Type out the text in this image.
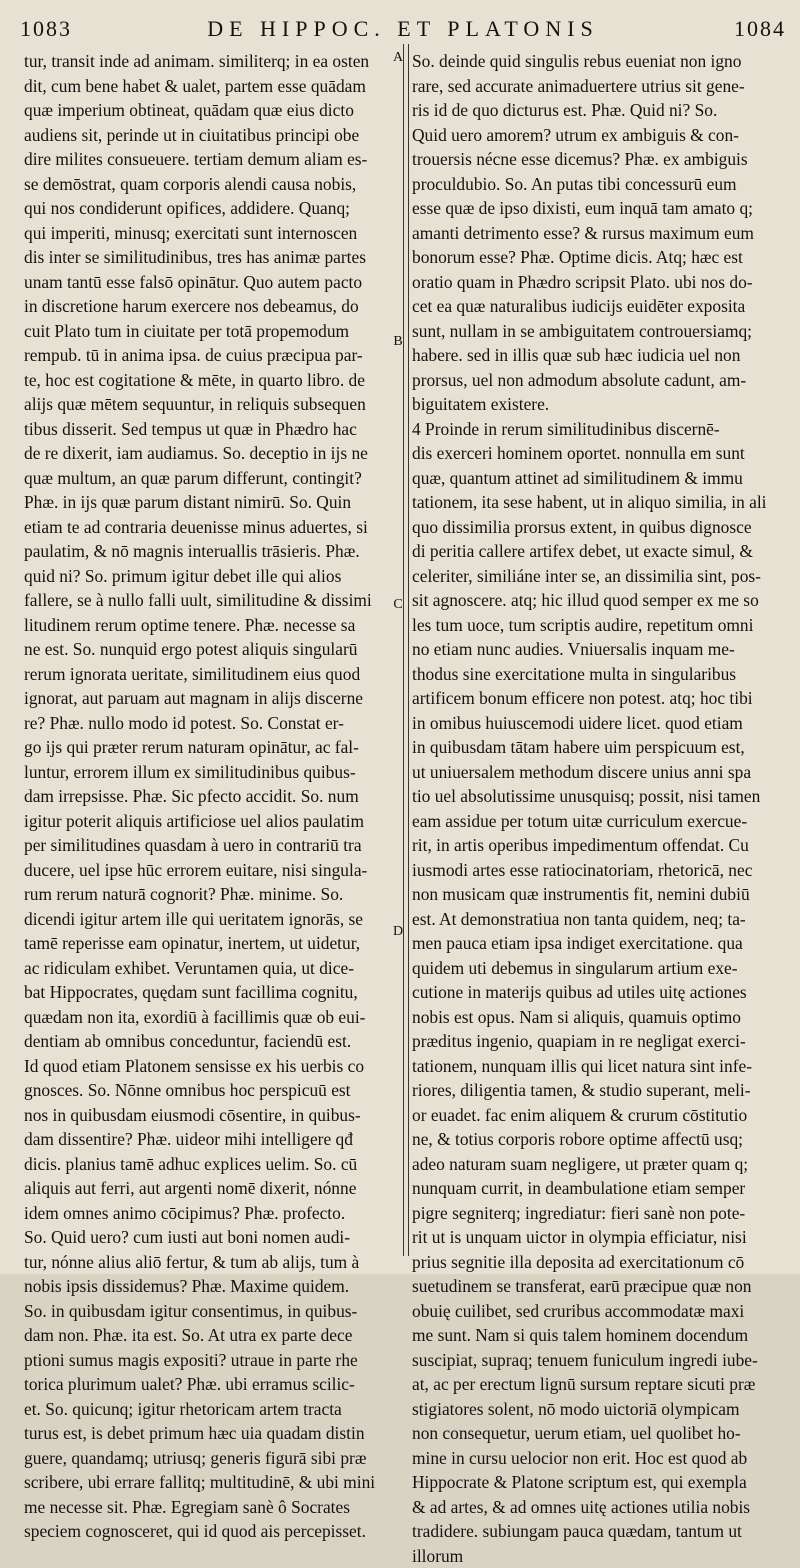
1083	DE HIPPOC. ET PLATONIS	1084
A
B
C
D
tur, transit inde ad animam. similiterq; in ea osten
dit, cum bene habet & ualet, partem esse quādam
quæ imperium obtineat, quādam quæ eius dicto
audiens sit, perinde ut in ciuitatibus principi obe
dire milites consueuere. tertiam demum aliam es-
se demōstrat, quam corporis alendi causa nobis,
qui nos condiderunt opifices, addidere. Quanq;
qui imperiti, minusq; exercitati sunt internoscen
dis inter se similitudinibus, tres has animæ partes
unam tantū esse falsō opinātur. Quo autem pacto
in discretione harum exercere nos debeamus, do
cuit Plato tum in ciuitate per totā propemodum
rempub. tū in anima ipsa. de cuius præcipua par-
te, hoc est cogitatione & mēte, in quarto libro. de
alijs quæ mētem sequuntur, in reliquis subsequen
tibus disserit. Sed tempus ut quæ in Phædro hac
de re dixerit, iam audiamus. So. deceptio in ijs ne
quæ multum, an quæ parum differunt, contingit?
Phæ. in ijs quæ parum distant nimirū. So. Quin
etiam te ad contraria deuenisse minus aduertes, si
paulatim, & nō magnis interuallis trāsieris. Phæ.
quid ni? So. primum igitur debet ille qui alios
fallere, se à nullo falli uult, similitudine & dissimi
litudinem rerum optime tenere. Phæ. necesse sa
ne est. So. nunquid ergo potest aliquis singularū
rerum ignorata ueritate, similitudinem eius quod
ignorat, aut paruam aut magnam in alijs discerne
re? Phæ. nullo modo id potest. So. Constat er-
go ijs qui præter rerum naturam opinātur, ac fal-
luntur, errorem illum ex similitudinibus quibus-
dam irrepsisse. Phæ. Sic pfecto accidit. So. num
igitur poterit aliquis artificiose uel alios paulatim
per similitudines quasdam à uero in contrariū tra
ducere, uel ipse hūc errorem euitare, nisi singula-
rum rerum naturā cognorit? Phæ. minime. So.
dicendi igitur artem ille qui ueritatem ignorās, se
tamē reperisse eam opinatur, inertem, ut uidetur,
ac ridiculam exhibet. Veruntamen quia, ut dice-
bat Hippocrates, quędam sunt facillima cognitu,
quædam non ita, exordiū à facillimis quæ ob eui-
dentiam ab omnibus conceduntur, faciendū est.
Id quod etiam Platonem sensisse ex his uerbis co
gnosces. So. Nōnne omnibus hoc perspicuū est
nos in quibusdam eiusmodi cōsentire, in quibus-
dam dissentire? Phæ. uideor mihi intelligere qđ
dicis. planius tamē adhuc explices uelim. So. cū
aliquis aut ferri, aut argenti nomē dixerit, nónne
idem omnes animo cōcipimus? Phæ. profecto.
So. Quid uero? cum iusti aut boni nomen audi-
tur, nónne alius aliō fertur, & tum ab alijs, tum à
nobis ipsis dissidemus? Phæ. Maxime quidem.
So. in quibusdam igitur consentimus, in quibus-
dam non. Phæ. ita est. So. At utra ex parte dece
ptioni sumus magis expositi? utraue in parte rhe
torica plurimum ualet? Phæ. ubi erramus scilic-
et. So. quicunq; igitur rhetoricam artem tracta
turus est, is debet primum hæc uia quadam distin
guere, quandamq; utriusq; generis figurā sibi præ
scribere, ubi errare fallitq; multitudinē, & ubi mini
me necesse sit. Phæ. Egregiam sanè ô Socrates
speciem cognosceret, qui id quod ais percepisset.
So. deinde quid singulis rebus eueniat non igno
rare, sed accurate animaduertere utrius sit gene-
ris id de quo dicturus est. Phæ. Quid ni? So.
Quid uero amorem? utrum ex ambiguis & con-
trouersis nécne esse dicemus? Phæ. ex ambiguis
proculdubio. So. An putas tibi concessurū eum
esse quæ de ipso dixisti, eum inquā tam amato q;
amanti detrimento esse? & rursus maximum eum
bonorum esse? Phæ. Optime dicis. Atq; hæc est
oratio quam in Phædro scripsit Plato. ubi nos do-
cet ea quæ naturalibus iudicijs euidēter exposita
sunt, nullam in se ambiguitatem controuersiamq;
habere. sed in illis quæ sub hæc iudicia uel non
prorsus, uel non admodum absolute cadunt, am-
biguitatem existere.
4 Proinde in rerum similitudinibus discernē-
dis exerceri hominem oportet. nonnulla em sunt
quæ, quantum attinet ad similitudinem & immu
tationem, ita sese habent, ut in aliquo similia, in ali
quo dissimilia prorsus extent, in quibus dignosce
di peritia callere artifex debet, ut exacte simul, &
celeriter, similiáne inter se, an dissimilia sint, pos-
sit agnoscere. atq; hic illud quod semper ex me so
les tum uoce, tum scriptis audire, repetitum omni
no etiam nunc audies. Vniuersalis inquam me-
thodus sine exercitatione multa in singularibus
artificem bonum efficere non potest. atq; hoc tibi
in omibus huiuscemodi uidere licet. quod etiam
in quibusdam tātam habere uim perspicuum est,
ut uniuersalem methodum discere unius anni spa
tio uel absolutissime unusquisq; possit, nisi tamen
eam assidue per totum uitæ curriculum exercue-
rit, in artis operibus impedimentum offendat. Cu
iusmodi artes esse ratiocinatoriam, rhetoricā, nec
non musicam quæ instrumentis fit, nemini dubiū
est. At demonstratiua non tanta quidem, neq; ta-
men pauca etiam ipsa indiget exercitatione. qua
quidem uti debemus in singularum artium exe-
cutione in materijs quibus ad utiles uitę actiones
nobis est opus. Nam si aliquis, quamuis optimo
præditus ingenio, quapiam in re negligat exerci-
tationem, nunquam illis qui licet natura sint infe-
riores, diligentia tamen, & studio superant, meli-
or euadet. fac enim aliquem & crurum cōstitutio
ne, & totius corporis robore optime affectū usq;
adeo naturam suam negligere, ut præter quam q;
nunquam currit, in deambulatione etiam semper
pigre segniterq; ingrediatur: fieri sanè non pote-
rit ut is unquam uictor in olympia efficiatur, nisi
prius segnitie illa deposita ad exercitationum cō
suetudinem se transferat, earū præcipue quæ non
obuię cuilibet, sed cruribus accommodatæ maxi
me sunt. Nam si quis talem hominem docendum
suscipiat, supraq; tenuem funiculum ingredi iube-
at, ac per erectum lignū sursum reptare sicuti præ
stigiatores solent, nō modo uictoriā olympicam
non consequetur, uerum etiam, uel quolibet ho-
mine in cursu uelocior non erit. Hoc est quod ab
Hippocrate & Platone scriptum est, qui exempla
& ad artes, & ad omnes uitę actiones utilia nobis
tradidere. subiungam pauca quædam, tantum ut
illorum
